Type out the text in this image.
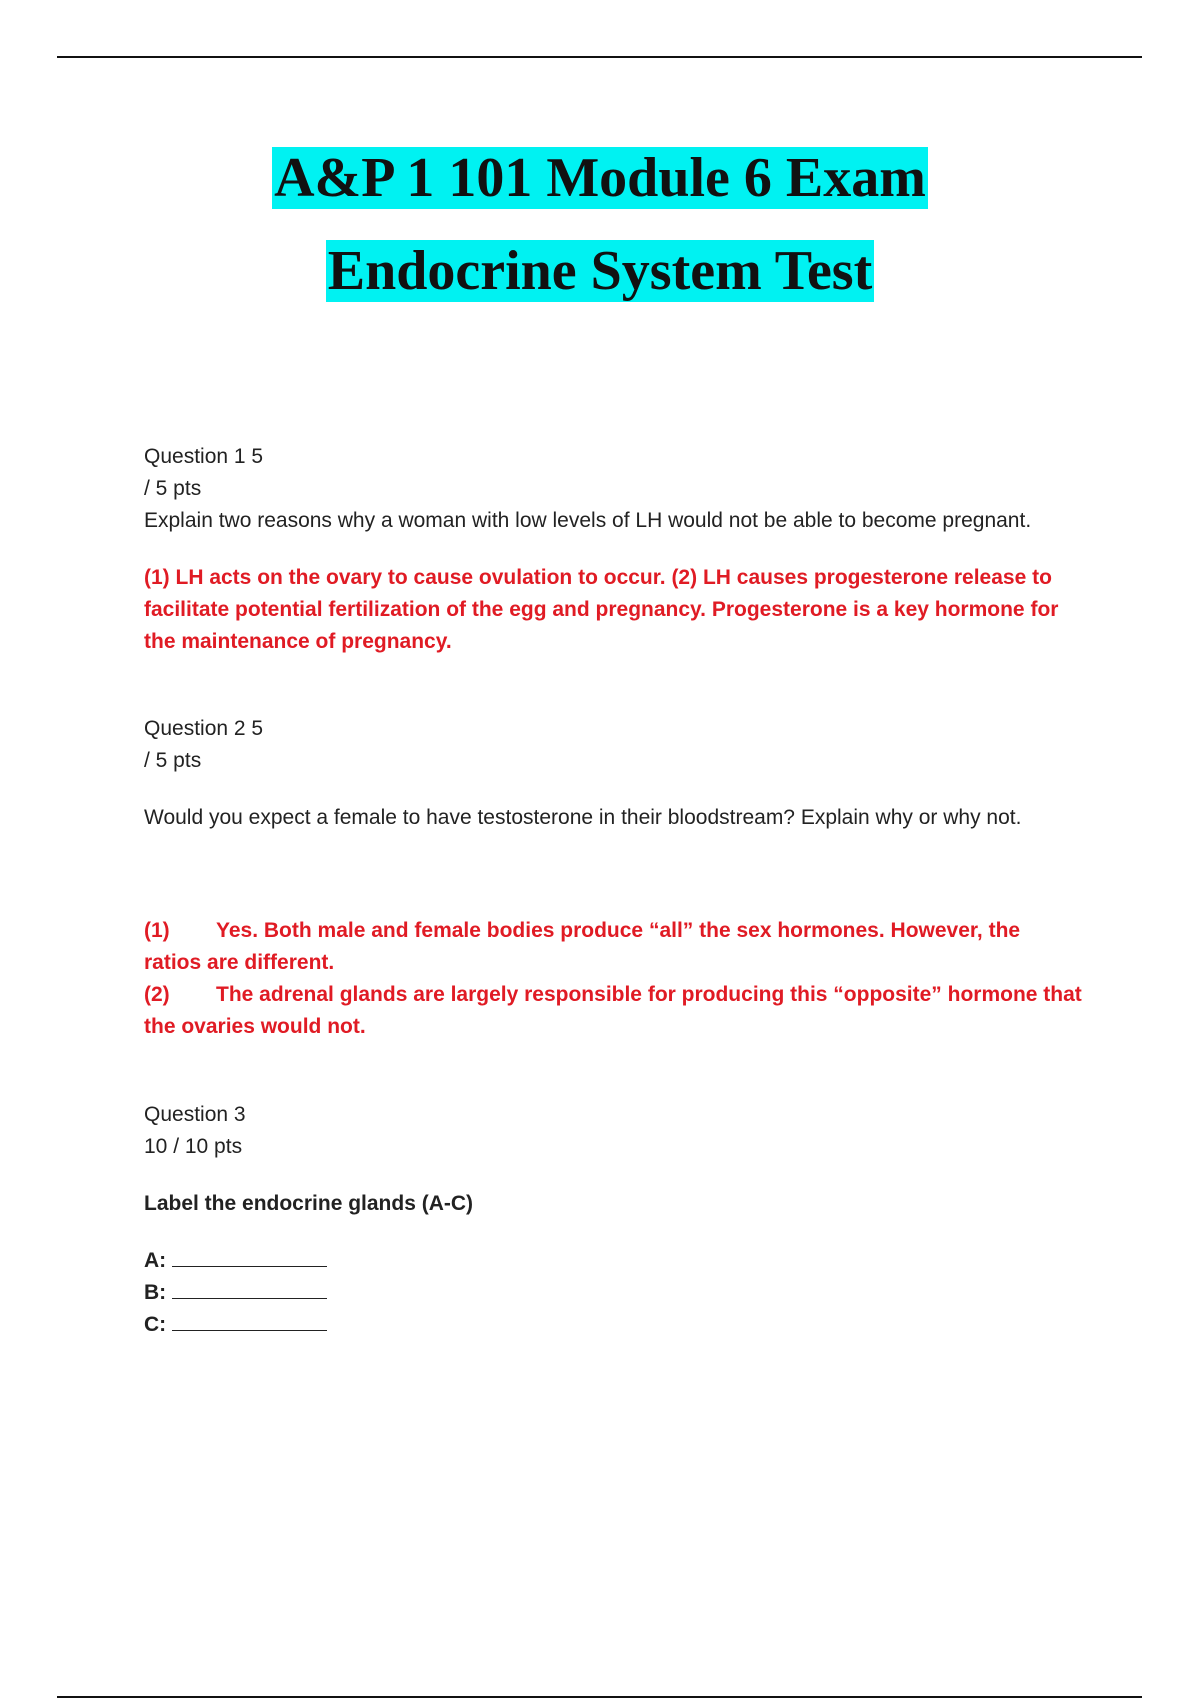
A&P 1 101 Module 6 Exam
Endocrine System Test
Question 1 5
/ 5 pts
Explain two reasons why a woman with low levels of LH would not be able to become pregnant.
(1) LH acts on the ovary to cause ovulation to occur. (2) LH causes progesterone release to
facilitate potential fertilization of the egg and pregnancy. Progesterone is a key hormone for
the maintenance of pregnancy.
Question 2 5
/ 5 pts
Would you expect a female to have testosterone in their bloodstream? Explain why or why not.
(1) Yes. Both male and female bodies produce “all” the sex hormones. However, the
ratios are different.
(2) The adrenal glands are largely responsible for producing this “opposite” hormone that
the ovaries would not.
Question 3
10 / 10 pts
Label the endocrine glands (A-C)
A:
B:
C:
